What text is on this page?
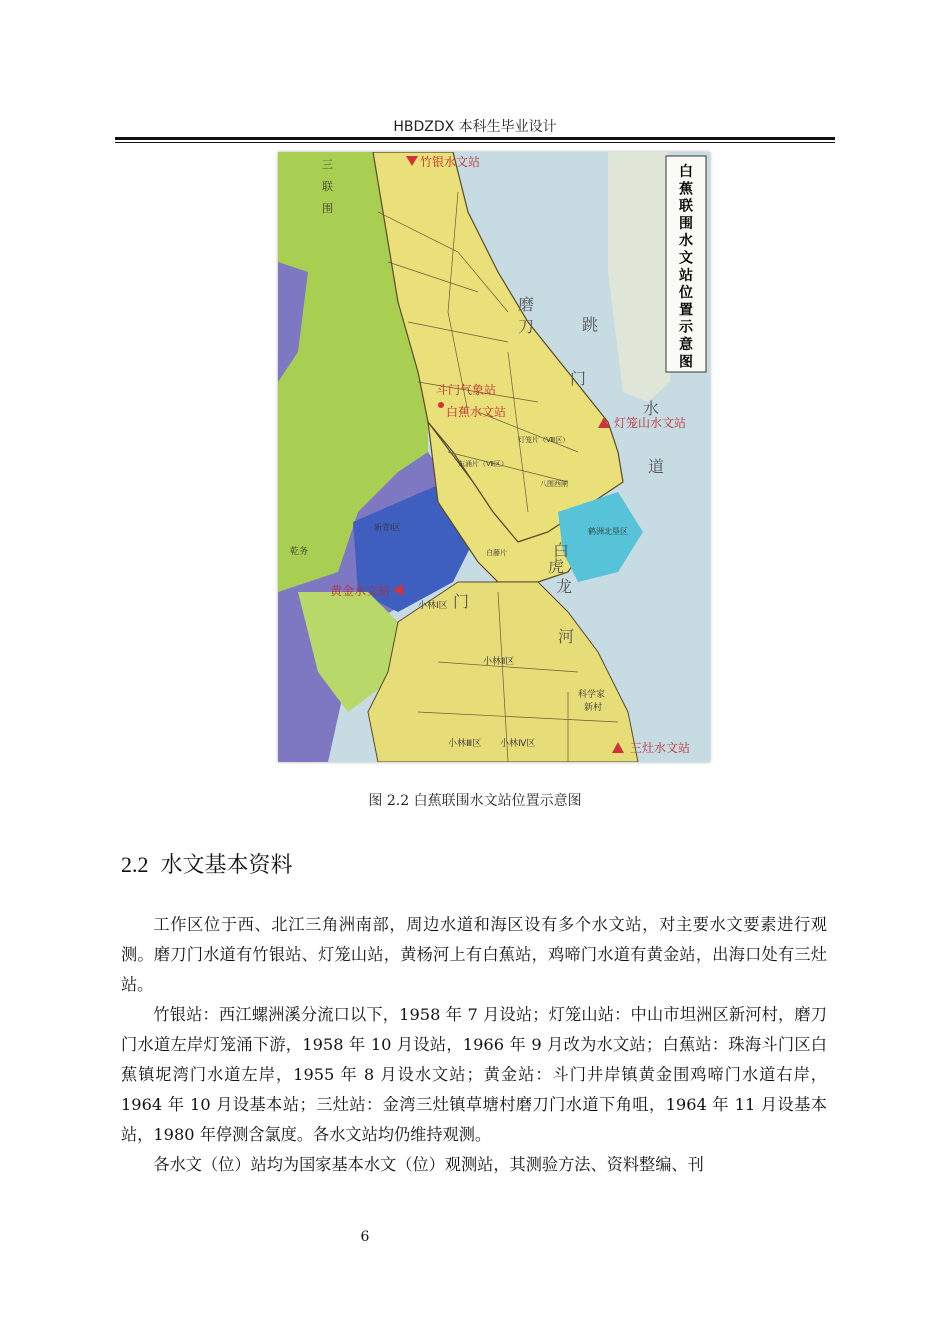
HBDZDX 本科生毕业设计
白
蕉
联
围
水
文
站
位
置
示
意
图
竹银水文站
斗门气象站
白蕉水文站
灯笼山水文站
黄金水文站
三灶水文站
小林Ⅰ区
小林Ⅱ区
小林Ⅲ区 小林Ⅳ区
科学家
新村
白藤片
新青Ⅰ区
乾务
鹤洲北垦区
东涌片（Ⅶ区）
灯笼片（Ⅷ区）
八围西闸
磨
刀
门
水
道
虎
跳
门
白
龙
河
三
联
围
图 2.2 白蕉联围水文站位置示意图
2.2 水文基本资料

工作区位于西、北江三角洲南部，周边水道和海区设有多个水文站，对主要水文要素进行观测。磨刀门水道有竹银站、灯笼山站，黄杨河上有白蕉站，鸡啼门水道有黄金站，出海口处有三灶站。

竹银站：西江螺洲溪分流口以下，1958 年 7 月设站；灯笼山站：中山市坦洲区新河村，磨刀门水道左岸灯笼涌下游，1958 年 10 月设站，1966 年 9 月改为水文站；白蕉站：珠海斗门区白蕉镇坭湾门水道左岸，1955 年 8 月设水文站；黄金站：斗门井岸镇黄金围鸡啼门水道右岸，1964 年 10 月设基本站；三灶站：金湾三灶镇草塘村磨刀门水道下角咀，1964 年 11 月设基本站，1980 年停测含氯度。各水文站均仍维持观测。

各水文（位）站均为国家基本水文（位）观测站，其测验方法、资料整编、刊

6
